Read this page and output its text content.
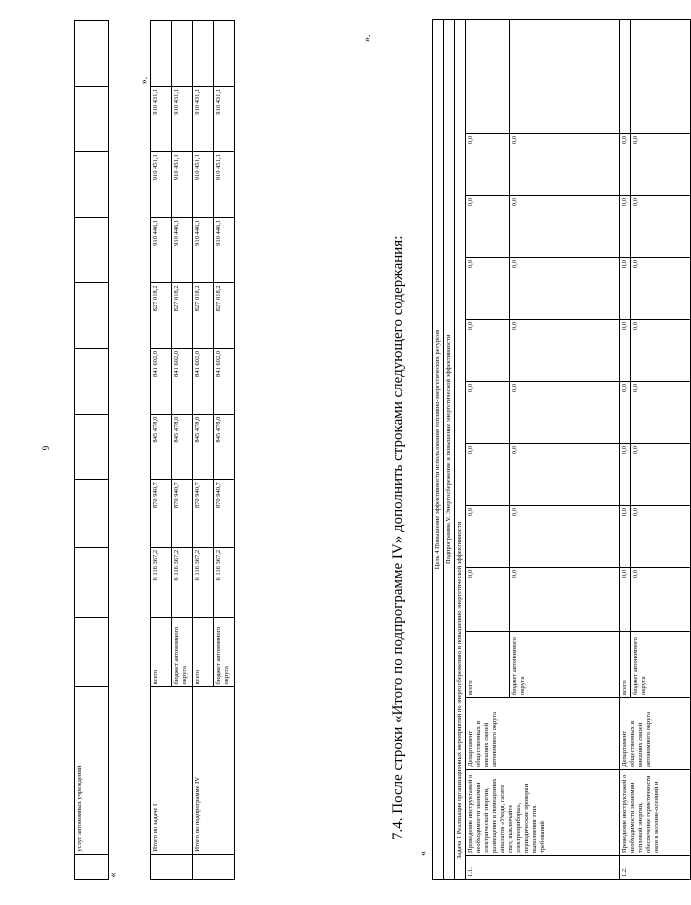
9
	услуг автономных учреждений										
«											».
	Итого по задаче I	всего	6 116 367,2	870 940,7	845 478,0	841 602,0	827 018,2	910 446,1	910 451,1	910 431,1	
		бюджет автономного округа	6 116 367,2	870 940,7	845 478,0	841 602,0	827 018,2	910 446,1	910 451,1	910 431,1	
	Итого по подпрограмме IV	всего	6 116 367,2	870 940,7	845 478,0	841 602,0	827 018,2	910 446,1	910 451,1	910 431,1	
		бюджет автономного округа	6 116 367,2	870 940,7	845 478,0	841 602,0	827 018,2	910 446,1	910 451,1	910 431,1	
7.4. После строки «Итого по подпрограмме IV» дополнить строками следующего содержания:
«
».
Цель 4 Повышение эффективности использования топливно-энергетических ресурсов												
Подпрограмма V. Энергосбережение и повышение энергетической эффективности												
Задача 1 Реализация организационных мероприятий по энергосбережению и повышению энергетической эффективности												
1.1.	Проведение инструктажей о необходимости экономии электрической энергии, размещение в помещениях аншлагов «Уходя, гасите свет, выключайте электроприборы», периодические проверки выполнения этих требований	Департамент общественных и внешних связей автономного округа	всего	0,0	0,0	0,0	0,0	0,0	0,0	0,0	0,0	
			бюджет автономного округа	0,0	0,0	0,0	0,0	0,0	0,0	0,0	0,0	
1.2.	Проведение инструктажей о необходимости экономии тепловой энергии, обеспечение герметичности окон в весенне-осенний и	Департамент общественных и внешних связей автономного округа	всего	0,0	0,0	0,0	0,0	0,0	0,0	0,0	0,0	
			бюджет автономного округа	0,0	0,0	0,0	0,0	0,0	0,0	0,0	0,0	
